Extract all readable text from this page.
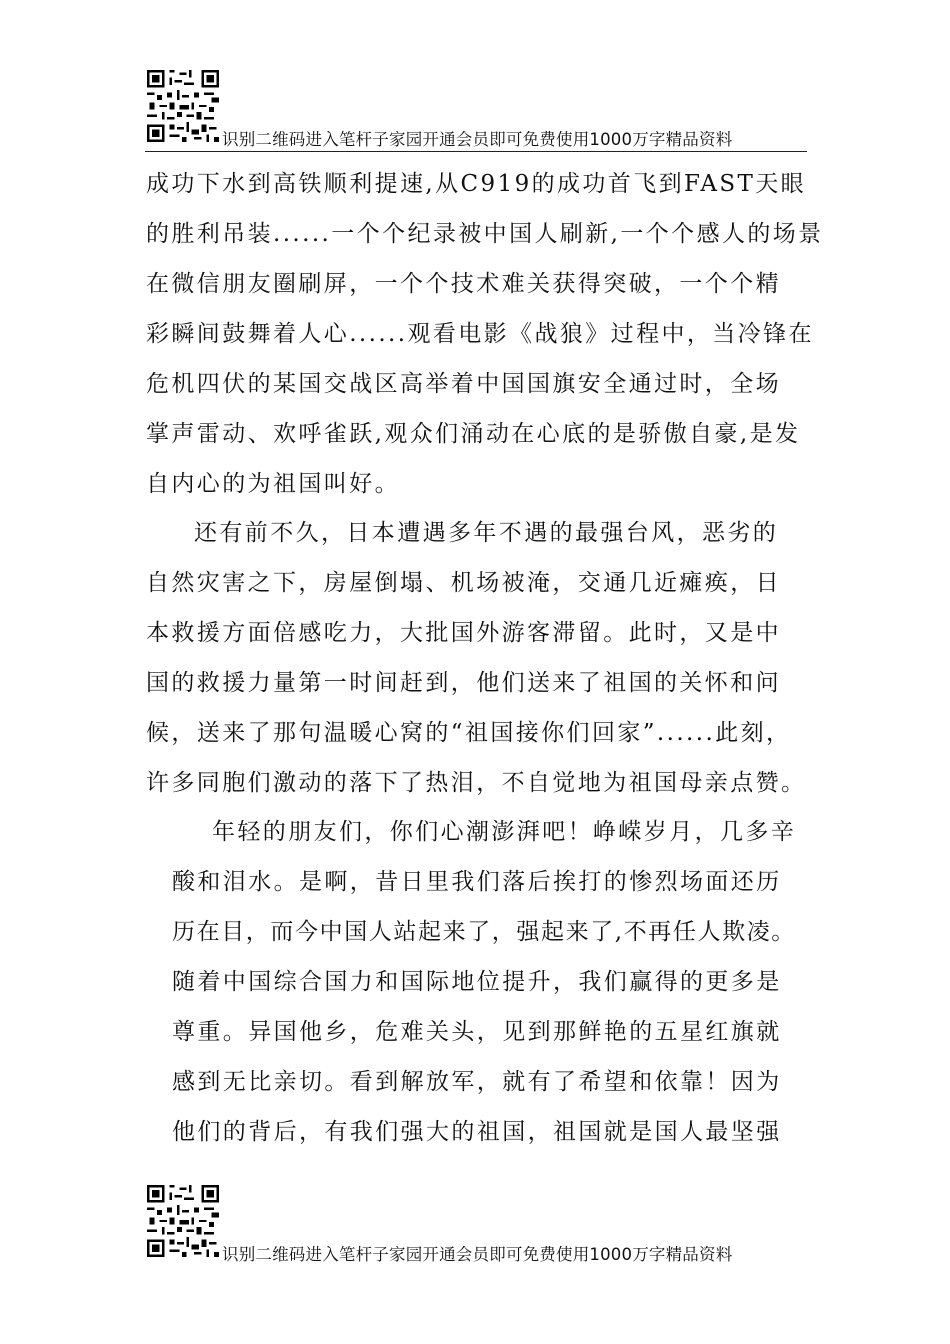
识别二维码进入笔杆子家园开通会员即可免费使用1000万字精品资料
成功下水到高铁顺利提速,从C919的成功首飞到FAST天眼
的胜利吊装......一个个纪录被中国人刷新,一个个感人的场景
在微信朋友圈刷屏，一个个技术难关获得突破，一个个精
彩瞬间鼓舞着人心......观看电影《战狼》过程中，当冷锋在
危机四伏的某国交战区高举着中国国旗安全通过时，全场
掌声雷动、欢呼雀跃,观众们涌动在心底的是骄傲自豪,是发
自内心的为祖国叫好。
还有前不久，日本遭遇多年不遇的最强台风，恶劣的
自然灾害之下，房屋倒塌、机场被淹，交通几近瘫痪，日
本救援方面倍感吃力，大批国外游客滞留。此时，又是中
国的救援力量第一时间赶到，他们送来了祖国的关怀和问
候，送来了那句温暖心窝的“祖国接你们回家”......此刻，
许多同胞们激动的落下了热泪，不自觉地为祖国母亲点赞。
年轻的朋友们，你们心潮澎湃吧！峥嵘岁月，几多辛
酸和泪水。是啊，昔日里我们落后挨打的惨烈场面还历
历在目，而今中国人站起来了，强起来了,不再任人欺凌。
随着中国综合国力和国际地位提升，我们赢得的更多是
尊重。异国他乡，危难关头，见到那鲜艳的五星红旗就
感到无比亲切。看到解放军，就有了希望和依靠！因为
他们的背后，有我们强大的祖国，祖国就是国人最坚强
识别二维码进入笔杆子家园开通会员即可免费使用1000万字精品资料
